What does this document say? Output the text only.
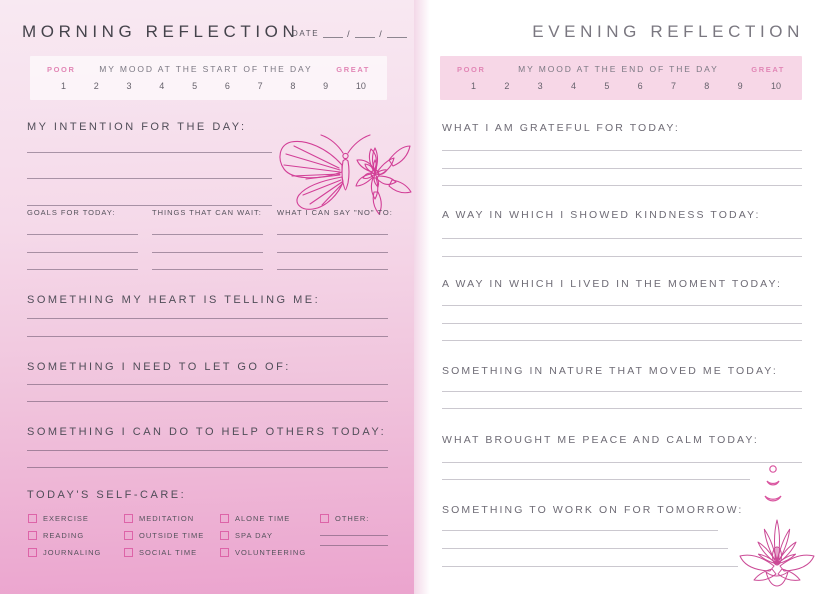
MORNING REFLECTION
DATE	/	/
POOR	MY MOOD AT THE START OF THE DAY	GREAT
1	2	3	4	5	6	7	8	9	10
MY INTENTION FOR THE DAY:
GOALS FOR TODAY:	THINGS THAT CAN WAIT: WHAT I CAN SAY "NO" TO:
SOMETHING MY HEART IS TELLING ME:
SOMETHING I NEED TO LET GO OF:
SOMETHING I CAN DO TO HELP OTHERS TODAY:
TODAY'S SELF-CARE:
EXERCISE
READING
JOURNALING
MEDITATION
OUTSIDE TIME
SOCIAL TIME
ALONE TIME
SPA DAY
VOLUNTEERING
OTHER:
EVENING REFLECTION
POOR	MY MOOD AT THE END OF THE DAY	GREAT
1	2	3	4	5	6	7	8	9	10
WHAT I AM GRATEFUL FOR TODAY:
A WAY IN WHICH I SHOWED KINDNESS TODAY:
A WAY IN WHICH I LIVED IN THE MOMENT TODAY:
SOMETHING IN NATURE THAT MOVED ME TODAY:
WHAT BROUGHT ME PEACE AND CALM TODAY:
SOMETHING TO WORK ON FOR TOMORROW:
